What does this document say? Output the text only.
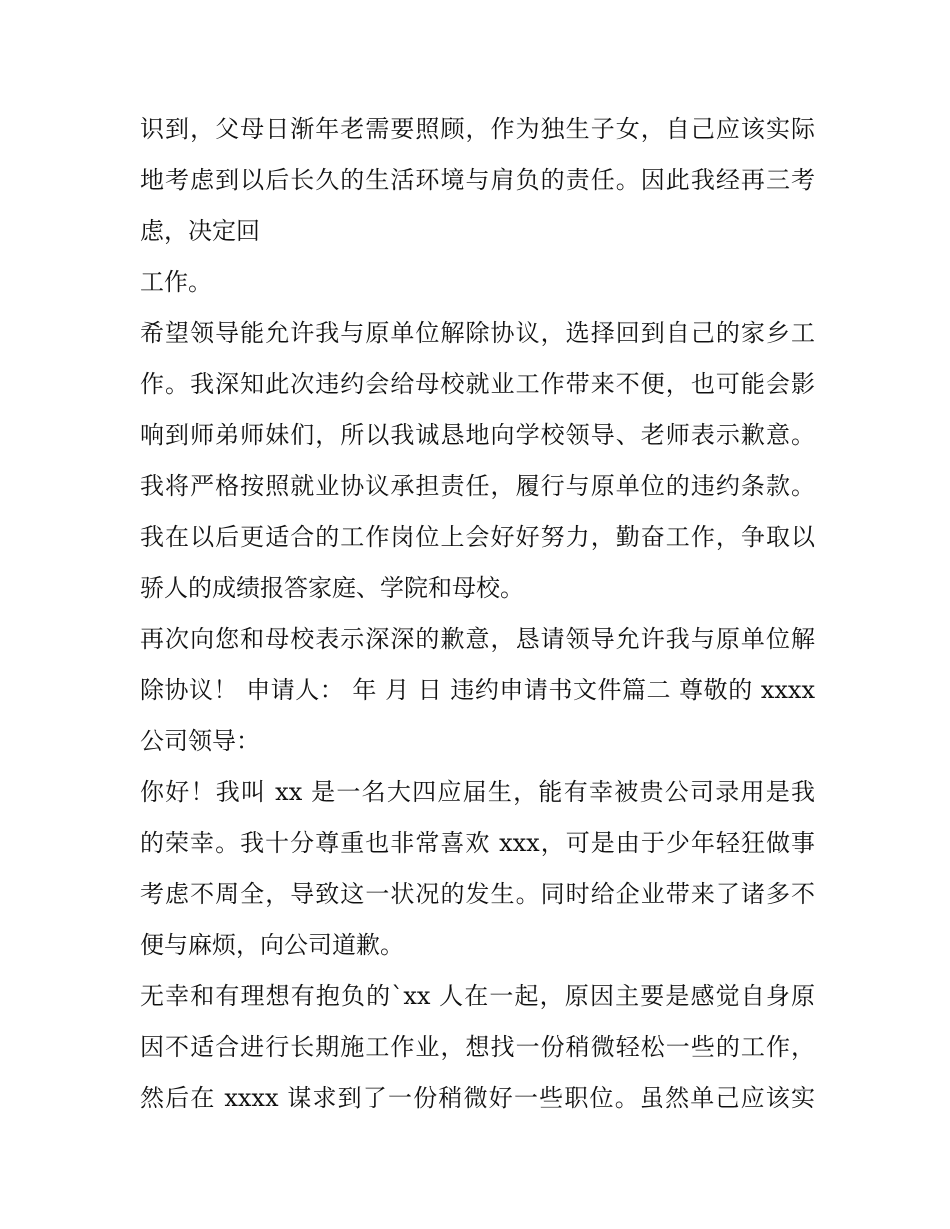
识到，父母日渐年老需要照顾，作为独生子女，自己应该实际
地考虑到以后长久的生活环境与肩负的责任。因此我经再三考
虑，决定回
工作。
希望领导能允许我与原单位解除协议，选择回到自己的家乡工
作。我深知此次违约会给母校就业工作带来不便，也可能会影
响到师弟师妹们，所以我诚恳地向学校领导、老师表示歉意。
我将严格按照就业协议承担责任，履行与原单位的违约条款。
我在以后更适合的工作岗位上会好好努力，勤奋工作，争取以
骄人的成绩报答家庭、学院和母校。
再次向您和母校表示深深的歉意，恳请领导允许我与原单位解
除协议！ 申请人： 年 月 日 违约申请书文件篇二 尊敬的 xxxx
公司领导：
你好！我叫 xx 是一名大四应届生，能有幸被贵公司录用是我
的荣幸。我十分尊重也非常喜欢 xxx，可是由于少年轻狂做事
考虑不周全，导致这一状况的发生。同时给企业带来了诸多不
便与麻烦，向公司道歉。
无幸和有理想有抱负的`xx 人在一起，原因主要是感觉自身原
因不适合进行长期施工作业，想找一份稍微轻松一些的工作，
然后在 xxxx 谋求到了一份稍微好一些职位。虽然单己应该实
